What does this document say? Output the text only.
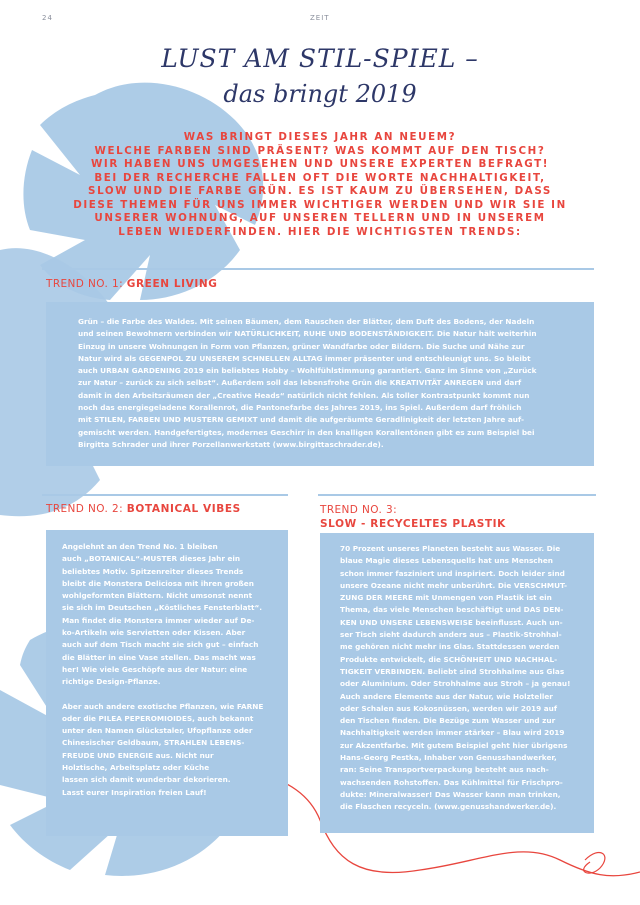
24	ZEIT
LUST AM STIL-SPIEL –
das bringt 2019
WAS BRINGT DIESES JAHR AN NEUEM?
WELCHE FARBEN SIND PRÄSENT? WAS KOMMT AUF DEN TISCH?
WIR HABEN UNS UMGESEHEN UND UNSERE EXPERTEN BEFRAGT!
BEI DER RECHERCHE FALLEN OFT DIE WORTE NACHHALTIGKEIT,
SLOW UND DIE FARBE GRÜN. ES IST KAUM ZU ÜBERSEHEN, DASS
DIESE THEMEN FÜR UNS IMMER WICHTIGER WERDEN UND WIR SIE IN
UNSERER WOHNUNG, AUF UNSEREN TELLERN UND IN UNSEREM
LEBEN WIEDERFINDEN. HIER DIE WICHTIGSTEN TRENDS:
TREND NO. 1: GREEN LIVING
Grün – die Farbe des Waldes. Mit seinen Bäumen, dem Rauschen der Blätter, dem Duft des Bodens, der Nadeln
und seinen Bewohnern verbinden wir NATÜRLICHKEIT, RUHE UND BODENSTÄNDIGKEIT. Die Natur hält weiterhin
Einzug in unsere Wohnungen in Form von Pflanzen, grüner Wandfarbe oder Bildern. Die Suche und Nähe zur
Natur wird als GEGENPOL ZU UNSEREM SCHNELLEN ALLTAG immer präsenter und entschleunigt uns. So bleibt
auch URBAN GARDENING 2019 ein beliebtes Hobby – Wohlfühlstimmung garantiert. Ganz im Sinne von „Zurück
zur Natur – zurück zu sich selbst“. Außerdem soll das lebensfrohe Grün die KREATIVITÄT ANREGEN und darf
damit in den Arbeitsräumen der „Creative Heads“ natürlich nicht fehlen. Als toller Kontrastpunkt kommt nun
noch das energiegeladene Korallenrot, die Pantonefarbe des Jahres 2019, ins Spiel. Außerdem darf fröhlich
mit STILEN, FARBEN UND MUSTERN GEMIXT und damit die aufgeräumte Geradlinigkeit der letzten Jahre auf-
gemischt werden. Handgefertigtes, modernes Geschirr in den knalligen Korallentönen gibt es zum Beispiel bei
Birgitta Schrader und ihrer Porzellanwerkstatt (www.birgittaschrader.de).
TREND NO. 2: BOTANICAL VIBES
Angelehnt an den Trend No. 1 bleiben
auch „BOTANICAL“-MUSTER dieses Jahr ein
beliebtes Motiv. Spitzenreiter dieses Trends
bleibt die Monstera Deliciosa mit ihren großen
wohlgeformten Blättern. Nicht umsonst nennt
sie sich im Deutschen „Köstliches Fensterblatt“.
Man findet die Monstera immer wieder auf De-
ko-Artikeln wie Servietten oder Kissen. Aber
auch auf dem Tisch macht sie sich gut – einfach
die Blätter in eine Vase stellen. Das macht was
her! Wie viele Geschöpfe aus der Natur: eine
richtige Design-Pflanze.
Aber auch andere exotische Pflanzen, wie FARNE
oder die PILEA PEPEROMIOIDES, auch bekannt
unter den Namen Glückstaler, Ufopflanze oder
Chinesischer Geldbaum, STRAHLEN LEBENS-
FREUDE UND ENERGIE aus. Nicht nur
Holztische, Arbeitsplatz oder Küche
lassen sich damit wunderbar dekorieren.
Lasst eurer Inspiration freien Lauf!
TREND NO. 3:
SLOW - RECYCELTES PLASTIK
70 Prozent unseres Planeten besteht aus Wasser. Die
blaue Magie dieses Lebensquells hat uns Menschen
schon immer fasziniert und inspiriert. Doch leider sind
unsere Ozeane nicht mehr unberührt. Die VERSCHMUT-
ZUNG DER MEERE mit Unmengen von Plastik ist ein
Thema, das viele Menschen beschäftigt und DAS DEN-
KEN UND UNSERE LEBENSWEISE beeinflusst. Auch un-
ser Tisch sieht dadurch anders aus – Plastik-Strohhal-
me gehören nicht mehr ins Glas. Stattdessen werden
Produkte entwickelt, die SCHÖNHEIT UND NACHHAL-
TIGKEIT VERBINDEN. Beliebt sind Strohhalme aus Glas
oder Aluminium. Oder Strohhalme aus Stroh – ja genau!
Auch andere Elemente aus der Natur, wie Holzteller
oder Schalen aus Kokosnüssen, werden wir 2019 auf
den Tischen finden. Die Bezüge zum Wasser und zur
Nachhaltigkeit werden immer stärker – Blau wird 2019
zur Akzentfarbe. Mit gutem Beispiel geht hier übrigens
Hans-Georg Pestka, Inhaber von Genusshandwerker,
ran: Seine Transportverpackung besteht aus nach-
wachsenden Rohstoffen. Das Kühlmittel für Frischpro-
dukte: Mineralwasser! Das Wasser kann man trinken,
die Flaschen recyceln. (www.genusshandwerker.de).
